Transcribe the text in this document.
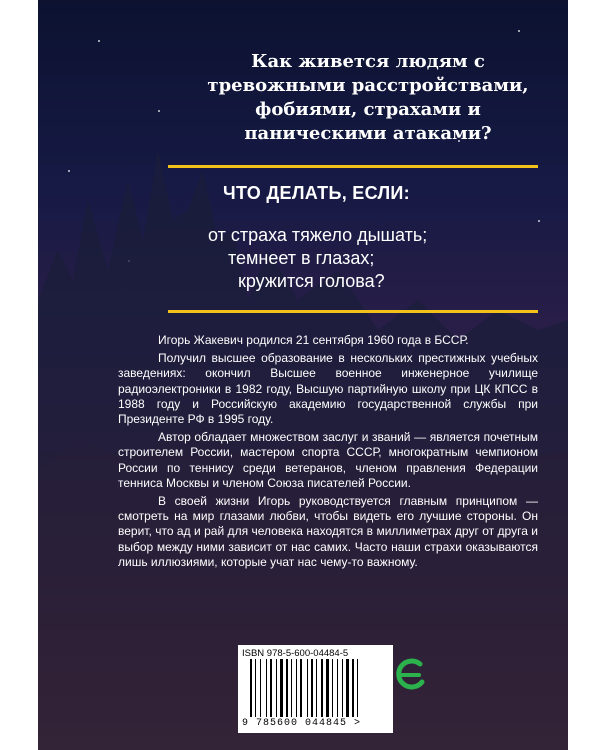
Как живется людям с тревожными расстройствами, фобиями, страхами и паническими атаками?
ЧТО ДЕЛАТЬ, ЕСЛИ:
от страха тяжело дышать;
темнеет в глазах;
кружится голова?

Игорь Жакевич родился 21 сентября 1960 года в БССР.

Получил высшее образование в нескольких престижных учебных заведениях: окончил Высшее военное инженерное училище радиоэлектроники в 1982 году, Высшую партийную школу при ЦК КПСС в 1988 году и Российскую академию государственной службы при Президенте РФ в 1995 году.

Автор обладает множеством заслуг и званий — является почетным строителем России, мастером спорта СССР, многократным чемпионом России по теннису среди ветеранов, членом правления Федерации тенниса Москвы и членом Союза писателей России.

В своей жизни Игорь руководствуется главным принципом — смотреть на мир глазами любви, чтобы видеть его лучшие стороны. Он верит, что ад и рай для человека находятся в миллиметрах друг от друга и выбор между ними зависит от нас самих. Часто наши страхи оказываются лишь иллюзиями, которые учат нас чему-то важному.

ISBN 978-5-600-04484-5
9 785600 044845 >
